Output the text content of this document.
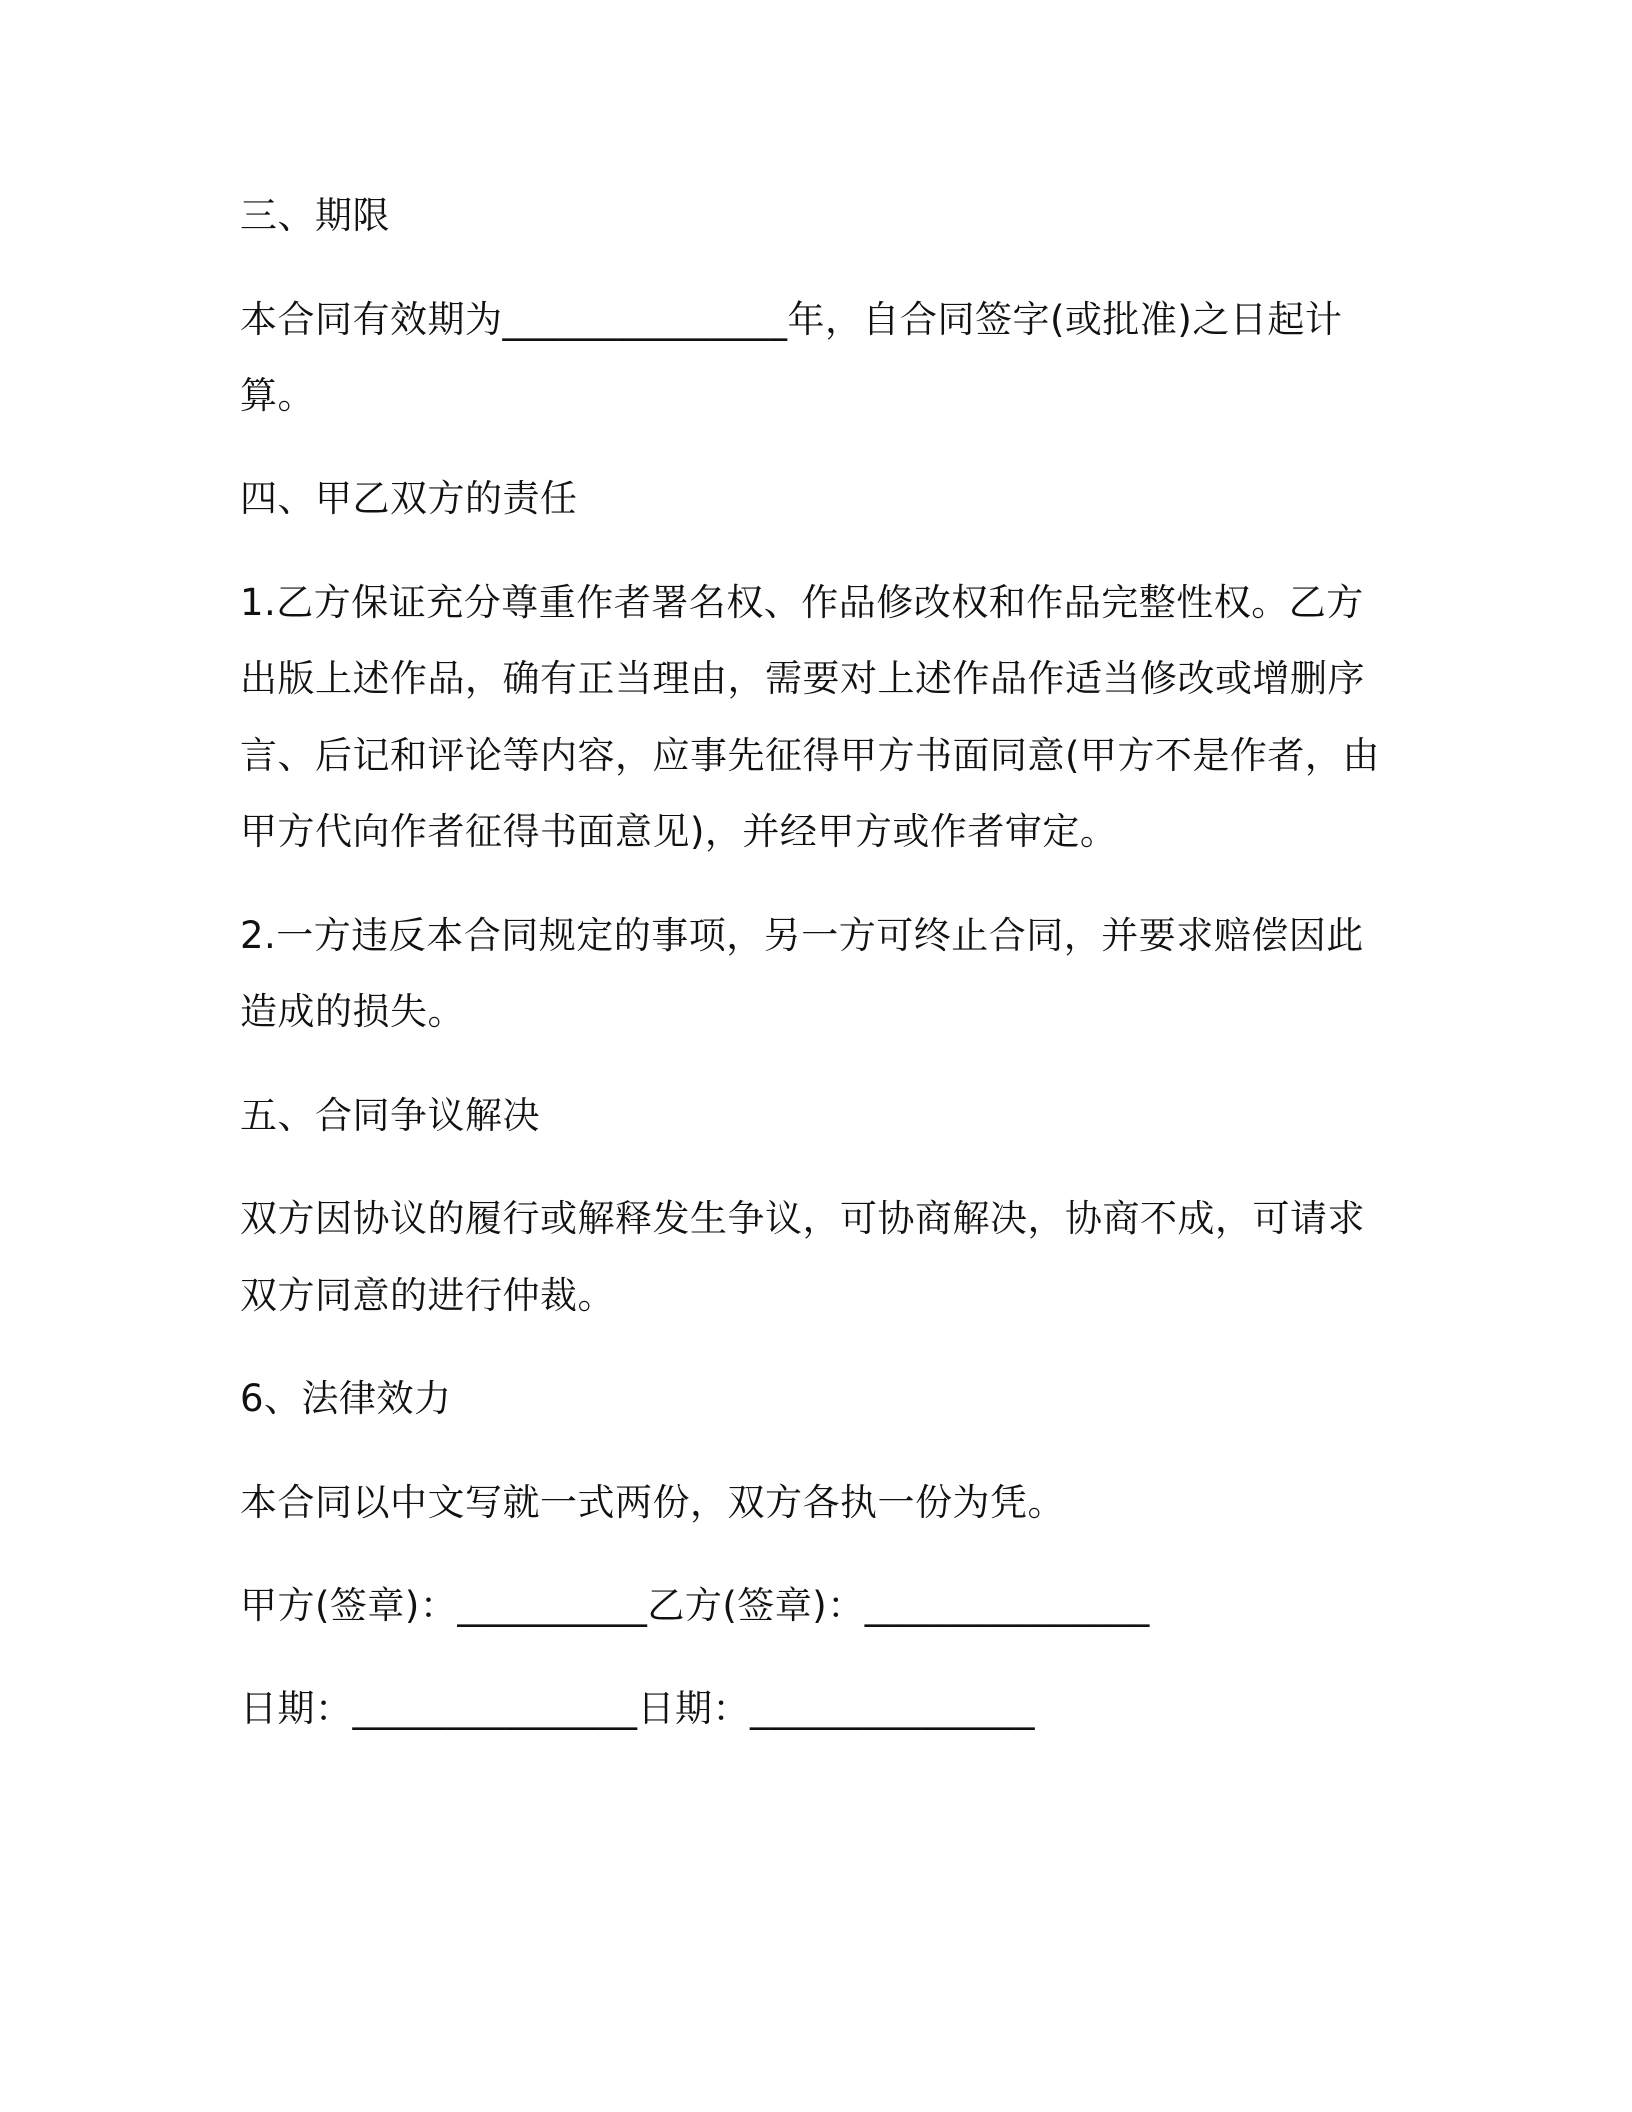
三、期限
本合同有效期为_______________年，自合同签字(或批准)之日起计
算。
四、甲乙双方的责任
1.乙方保证充分尊重作者署名权、作品修改权和作品完整性权。乙方
出版上述作品，确有正当理由，需要对上述作品作适当修改或增删序
言、后记和评论等内容，应事先征得甲方书面同意(甲方不是作者，由
甲方代向作者征得书面意见)，并经甲方或作者审定。
2.一方违反本合同规定的事项，另一方可终止合同，并要求赔偿因此
造成的损失。
五、合同争议解决
双方因协议的履行或解释发生争议，可协商解决，协商不成，可请求
双方同意的进行仲裁。
6、法律效力
本合同以中文写就一式两份，双方各执一份为凭。
甲方(签章)：__________乙方(签章)：_______________
日期：_______________日期：_______________
